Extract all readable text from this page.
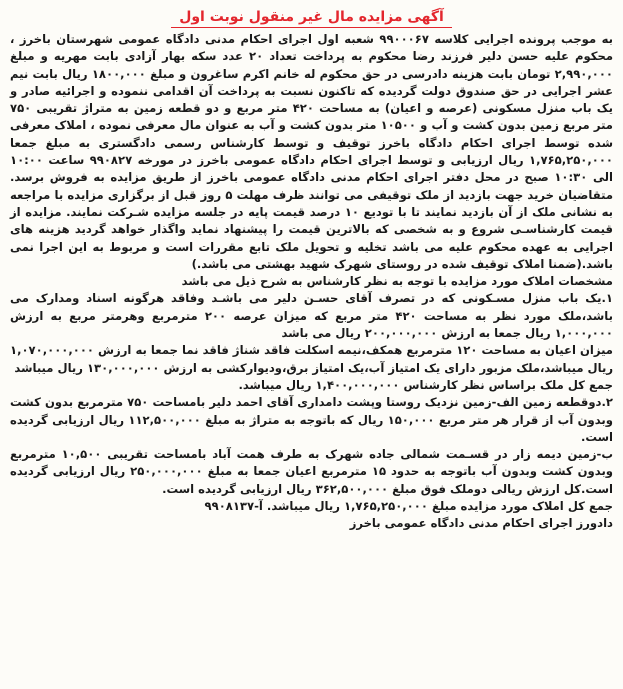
آگهی مزایده مال غیر منقول نوبت اول

به موجب پرونده اجرایی کلاسه ۹۹۰۰۰۶۷ شعبه اول اجرای احکام مدنی دادگاه عمومی شهرستان باخرز ، محکوم علیه حسن دلیر فرزند رضا محکوم به پرداخت تعداد ۲۰ عدد سکه بهار آزادی بابت مهریه و مبلغ ۲,۹۹۰,۰۰۰ تومان بابت هزینه دادرسی در حق محکوم له خانم اکرم ساغرون و مبلغ ۱۸۰۰,۰۰۰ ریال بابت نیم عشر اجرایی در حق صندوق دولت گردیده که تاکنون نسبت به پرداخت آن اقدامی ننموده و اجرائیه صادر و یک باب منزل مسکونی (عرصه و اعیان) به مساحت ۴۲۰ متر مربع و دو قطعه زمین به متراژ تقریبی ۷۵۰ متر مربع زمین بدون کشت و آب و ۱۰۵۰۰ متر بدون کشت و آب به عنوان مال معرفی نموده ، املاک معرفی شده توسط اجرای احکام دادگاه باخرز توقیف و توسط کارشناس رسمی دادگستری به مبلغ جمعا ۱,۷۶۵,۲۵۰,۰۰۰ ریال ارزیابی و توسط اجرای احکام دادگاه عمومی باخرز در مورخه ۹۹۰۸۲۷ ساعت ۱۰:۰۰ الی ۱۰:۳۰ صبح در محل دفتر اجرای احکام مدنی دادگاه عمومی باخرز از طریق مزایده به فروش برسد. متقاضیان خرید جهت بازدید از ملک توقیفی می توانند ظرف مهلت ۵ روز قبل از برگزاری مزایده با مراجعه به نشانی ملک از آن بازدید نمایند تا با تودیع ۱۰ درصد قیمت پایه در جلسه مزایده شـرکت نمایند. مزایده از قیمت کارشناسـی شروع و به شخصی که بالاترین قیمت را پیشنهاد نماید واگذار خواهد گردید هزینه های اجرایی به عهده محکوم علیه می باشد تخلیه و تحویل ملک تابع مقررات است و مربوط به این اجرا نمی باشد.(ضمنا املاک توقیف شده در روستای شهرک شهید بهشتی می باشد.)

مشخصات املاک مورد مزایده با توجه به نظر کارشناس به شرح ذیل می باشد

۱.یک باب منزل مسـکونی که در تصرف آقای حسـن دلیر می باشـد وفاقد هرگونه اسناد ومدارک می باشد،ملک مورد نظر به مساحت ۴۲۰ متر مربع که میزان عرصه ۲۰۰ مترمربع وهرمتر مربع به ارزش ۱,۰۰۰,۰۰۰ ریال جمعا به ارزش ۲۰۰,۰۰۰,۰۰۰ ریال می باشد

میزان اعیان به مساحت ۱۲۰ مترمربع همکف،نیمه اسکلت فاقد شناژ فاقد نما جمعا به ارزش ۱,۰۷۰,۰۰۰,۰۰۰ ریال میباشد،ملک مزبور دارای یک امتیاز آب،یک امتیاز برق،ودیوارکشی به ارزش ۱۳۰,۰۰۰,۰۰۰ ریال میباشد

جمع کل ملک براساس نظر کارشناس ۱,۴۰۰,۰۰۰,۰۰۰ ریال میباشد.

۲.دوقطعه زمین الف-زمین نزدیک روستا وپشت دامداری آقای احمد دلیر بامساحت ۷۵۰ مترمربع بدون کشت وبدون آب از قرار هر متر مربع ۱۵۰,۰۰۰ ریال که باتوجه به متراژ به مبلغ ۱۱۲,۵۰۰,۰۰۰ ریال ارزیابی گردیده است.

ب-زمین دیمه زار در قسـمت شمالی جاده شهرک به طرف همت آباد بامساحت تقریبی ۱۰,۵۰۰ مترمربع وبدون کشت وبدون آب باتوجه به حدود ۱۵ مترمربع اعیان جمعا به مبلغ ۲۵۰,۰۰۰,۰۰۰ ریال ارزیابی گردیده است.کل ارزش ریالی دوملک فوق مبلغ ۳۶۲,۵۰۰,۰۰۰ ریال ارزیابی گردیده است.

جمع کل املاک مورد مزایده مبلغ ۱,۷۶۵,۲۵۰,۰۰۰ ریال میباشد. آ-۹۹۰۸۱۳۷

دادورز اجرای احکام مدنی دادگاه عمومی باخرز
